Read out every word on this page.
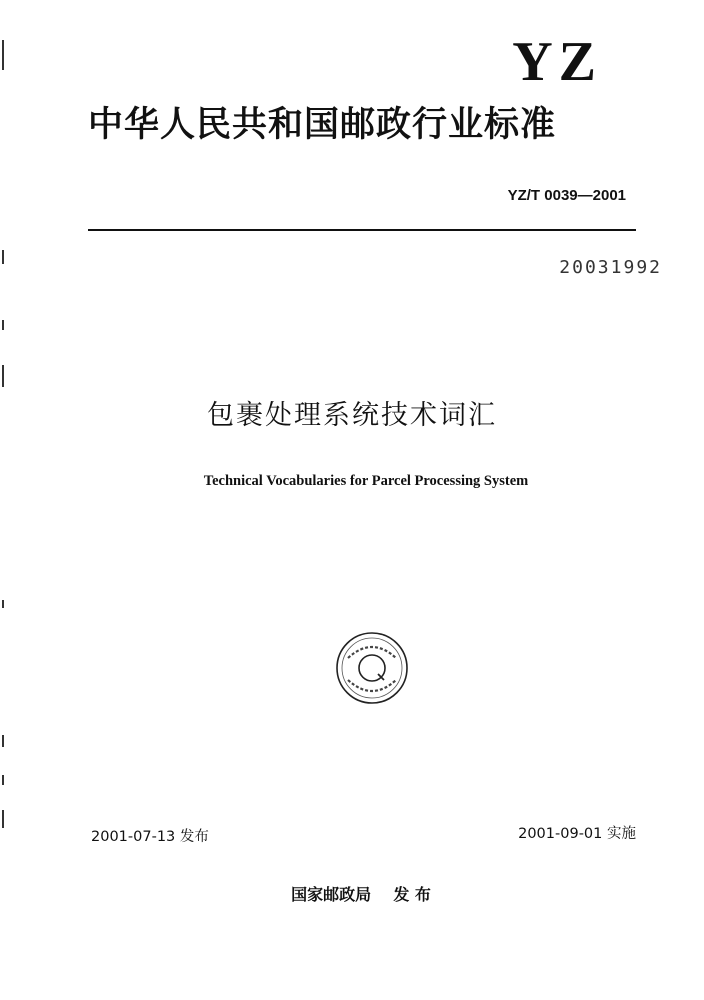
YZ
中华人民共和国邮政行业标准
YZ/T 0039—2001
20031992
包裹处理系统技术词汇
Technical Vocabularies for Parcel Processing System
2001-07-13 发布	2001-09-01 实施
国家邮政局    发 布
